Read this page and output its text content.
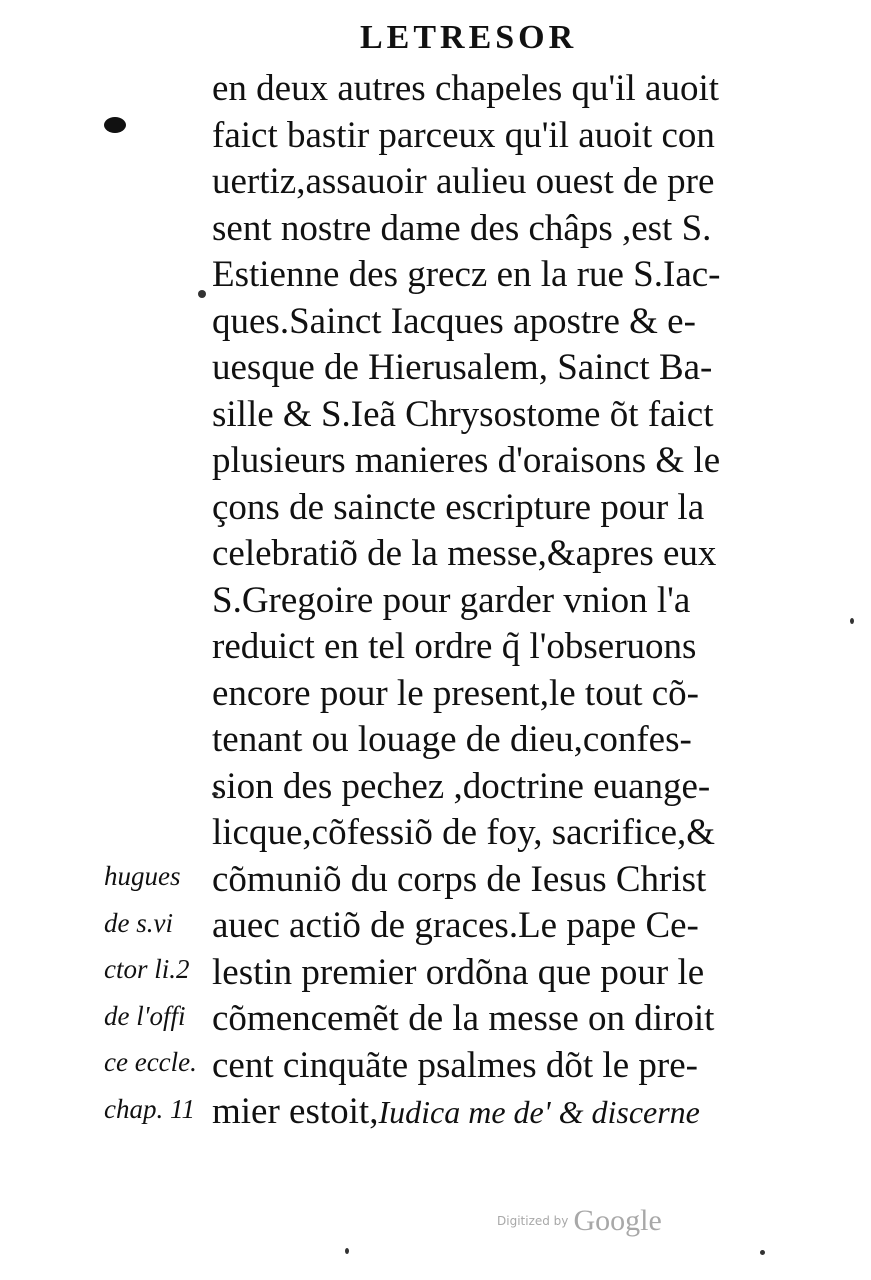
LETRESOR
en deux autres chapeles qu'il auoit
faict bastir parceux qu'il auoit con
uertiz,assauoir aulieu ouest de pre
sent nostre dame des châps ,est S.
Estienne des grecz en la rue S.Iac-
ques.Sainct Iacques apostre & e-
uesque de Hierusalem, Sainct Ba-
sille & S.Ieã Chrysostome õt faict
plusieurs manieres d'oraisons & le
çons de saincte escripture pour la
celebratiõ de la messe,&apres eux
S.Gregoire pour garder vnion l'a
reduict en tel ordre q̃ l'obseruons
encore pour le present,le tout cõ-
tenant ou louage de dieu,confes-
sion des pechez ,doctrine euange-
licque,cõfessiõ de foy, sacrifice,&
cõmuniõ du corps de Iesus Christ
auec actiõ de graces.Le pape Ce-
lestin premier ordõna que pour le
cõmencemẽt de la messe on diroit
cent cinquãte psalmes dõt le pre-
mier estoit,Iudica me de' & discerne
hugues
de s.vi
ctor li.2
de l'offi
ce eccle.
chap. 11
Digitized by Google
